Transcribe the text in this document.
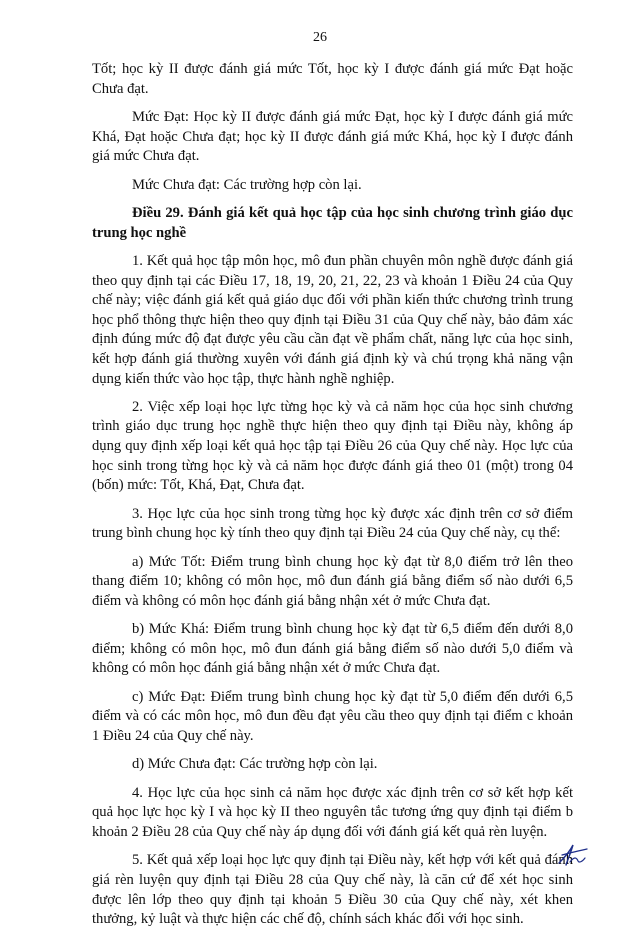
26

Tốt; học kỳ II được đánh giá mức Tốt, học kỳ I được đánh giá mức Đạt hoặc Chưa đạt.

Mức Đạt: Học kỳ II được đánh giá mức Đạt, học kỳ I được đánh giá mức Khá, Đạt hoặc Chưa đạt; học kỳ II được đánh giá mức Khá, học kỳ I được đánh giá mức Chưa đạt.

Mức Chưa đạt: Các trường hợp còn lại.

Điều 29. Đánh giá kết quả học tập của học sinh chương trình giáo dục trung học nghề

1. Kết quả học tập môn học, mô đun phần chuyên môn nghề được đánh giá theo quy định tại các Điều 17, 18, 19, 20, 21, 22, 23 và khoản 1 Điều 24 của Quy chế này; việc đánh giá kết quả giáo dục đối với phần kiến thức chương trình trung học phổ thông thực hiện theo quy định tại Điều 31 của Quy chế này, bảo đảm xác định đúng mức độ đạt được yêu cầu cần đạt về phẩm chất, năng lực của học sinh, kết hợp đánh giá thường xuyên với đánh giá định kỳ và chú trọng khả năng vận dụng kiến thức vào học tập, thực hành nghề nghiệp.

2. Việc xếp loại học lực từng học kỳ và cả năm học của học sinh chương trình giáo dục trung học nghề thực hiện theo quy định tại Điều này, không áp dụng quy định xếp loại kết quả học tập tại Điều 26 của Quy chế này. Học lực của học sinh trong từng học kỳ và cả năm học được đánh giá theo 01 (một) trong 04 (bốn) mức: Tốt, Khá, Đạt, Chưa đạt.

3. Học lực của học sinh trong từng học kỳ được xác định trên cơ sở điểm trung bình chung học kỳ tính theo quy định tại Điều 24 của Quy chế này, cụ thể:

a) Mức Tốt: Điểm trung bình chung học kỳ đạt từ 8,0 điểm trở lên theo thang điểm 10; không có môn học, mô đun đánh giá bằng điểm số nào dưới 6,5 điểm và không có môn học đánh giá bằng nhận xét ở mức Chưa đạt.

b) Mức Khá: Điểm trung bình chung học kỳ đạt từ 6,5 điểm đến dưới 8,0 điểm; không có môn học, mô đun đánh giá bằng điểm số nào dưới 5,0 điểm và không có môn học đánh giá bằng nhận xét ở mức Chưa đạt.

c) Mức Đạt: Điểm trung bình chung học kỳ đạt từ 5,0 điểm đến dưới 6,5 điểm và có các môn học, mô đun đều đạt yêu cầu theo quy định tại điểm c khoản 1 Điều 24 của Quy chế này.

d) Mức Chưa đạt: Các trường hợp còn lại.

4. Học lực của học sinh cả năm học được xác định trên cơ sở kết hợp kết quả học lực học kỳ I và học kỳ II theo nguyên tắc tương ứng quy định tại điểm b khoản 2 Điều 28 của Quy chế này áp dụng đối với đánh giá kết quả rèn luyện.

5. Kết quả xếp loại học lực quy định tại Điều này, kết hợp với kết quả đánh giá rèn luyện quy định tại Điều 28 của Quy chế này, là căn cứ để xét học sinh được lên lớp theo quy định tại khoản 5 Điều 30 của Quy chế này, xét khen thưởng, kỷ luật và thực hiện các chế độ, chính sách khác đối với học sinh.
